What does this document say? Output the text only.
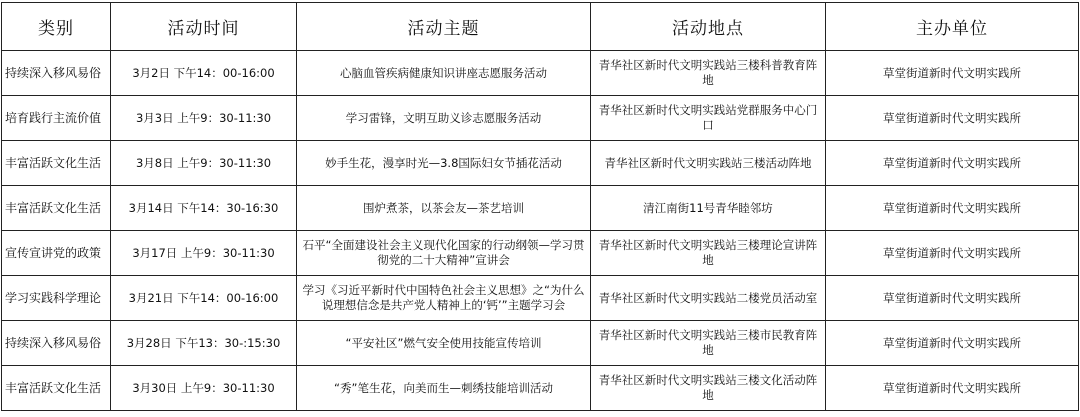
类别	活动时间	活动主题	活动地点	主办单位
持续深入移风易俗	3月2日 下午14：00-16:00	心脑血管疾病健康知识讲座志愿服务活动	青华社区新时代文明实践站三楼科普教育阵地	草堂街道新时代文明实践所
培育践行主流价值	3月3日 上午9：30-11:30	学习雷锋，文明互助义诊志愿服务活动	青华社区新时代文明实践站党群服务中心门口	草堂街道新时代文明实践所
丰富活跃文化生活	3月8日 上午9：30-11:30	妙手生花，漫享时光—3.8国际妇女节插花活动	青华社区新时代文明实践站三楼活动阵地	草堂街道新时代文明实践所
丰富活跃文化生活	3月14日 下午14：30-16:30	围炉煮茶，以茶会友—茶艺培训	清江南街11号青华睦邻坊	草堂街道新时代文明实践所
宣传宣讲党的政策	3月17日 上午9：30-11:30	石平“全面建设社会主义现代化国家的行动纲领—学习贯彻党的二十大精神”宣讲会	青华社区新时代文明实践站三楼理论宣讲阵地	草堂街道新时代文明实践所
学习实践科学理论	3月21日 下午14：00-16:00	学习《习近平新时代中国特色社会主义思想》之“为什么说理想信念是共产党人精神上的‘钙’”主题学习会	青华社区新时代文明实践站二楼党员活动室	草堂街道新时代文明实践所
持续深入移风易俗	3月28日 下午13：30-:15:30	“平安社区”燃气安全使用技能宣传培训	青华社区新时代文明实践站三楼市民教育阵地	草堂街道新时代文明实践所
丰富活跃文化生活	3月30日 上午9：30-11:30	“秀”笔生花，向美而生—刺绣技能培训活动	青华社区新时代文明实践站三楼文化活动阵地	草堂街道新时代文明实践所
